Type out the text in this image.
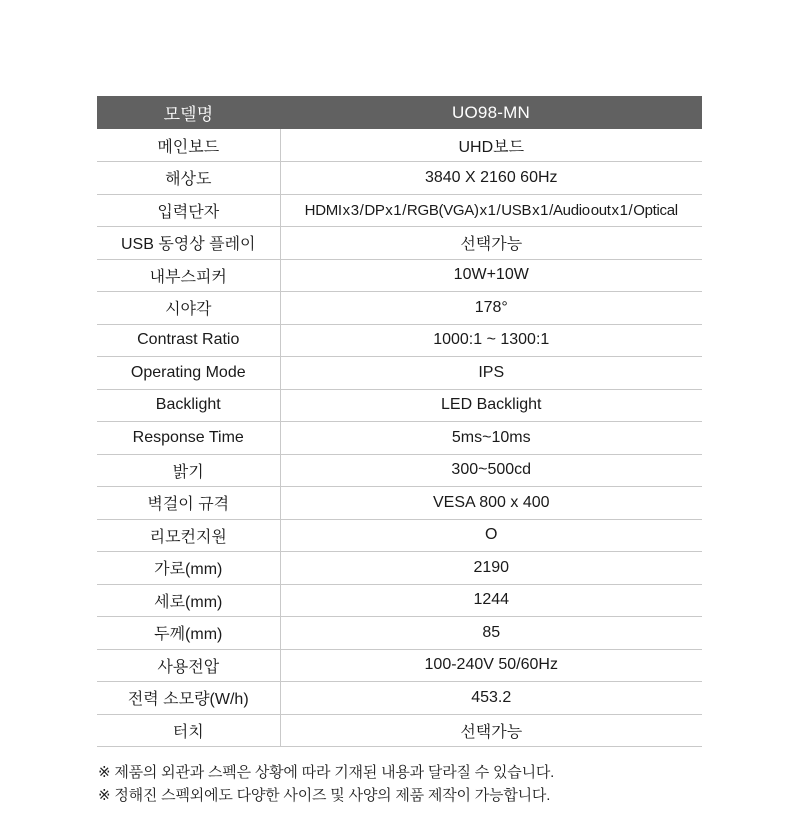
모델명	UO98-MN
메인보드	UHD보드
해상도	3840 X 2160 60Hz
입력단자	HDMI x 3 / DP x 1 / RGB(VGA) x 1 / USB x 1 / Audio out x 1 / Optical
USB 동영상 플레이	선택가능
내부스피커	10W+10W
시야각	178°
Contrast Ratio	1000:1 ~ 1300:1
Operating Mode	IPS
Backlight	LED Backlight
Response Time	5ms~10ms
밝기	300~500cd
벽걸이 규격	VESA 800 x 400
리모컨지원	O
가로(mm)	2190
세로(mm)	1244
두께(mm)	85
사용전압	100-240V 50/60Hz
전력 소모량(W/h)	453.2
터치	선택가능

※ 제품의 외관과 스펙은 상황에 따라 기재된 내용과 달라질 수 있습니다.

※ 정해진 스펙외에도 다양한 사이즈 및 사양의 제품 제작이 가능합니다.
